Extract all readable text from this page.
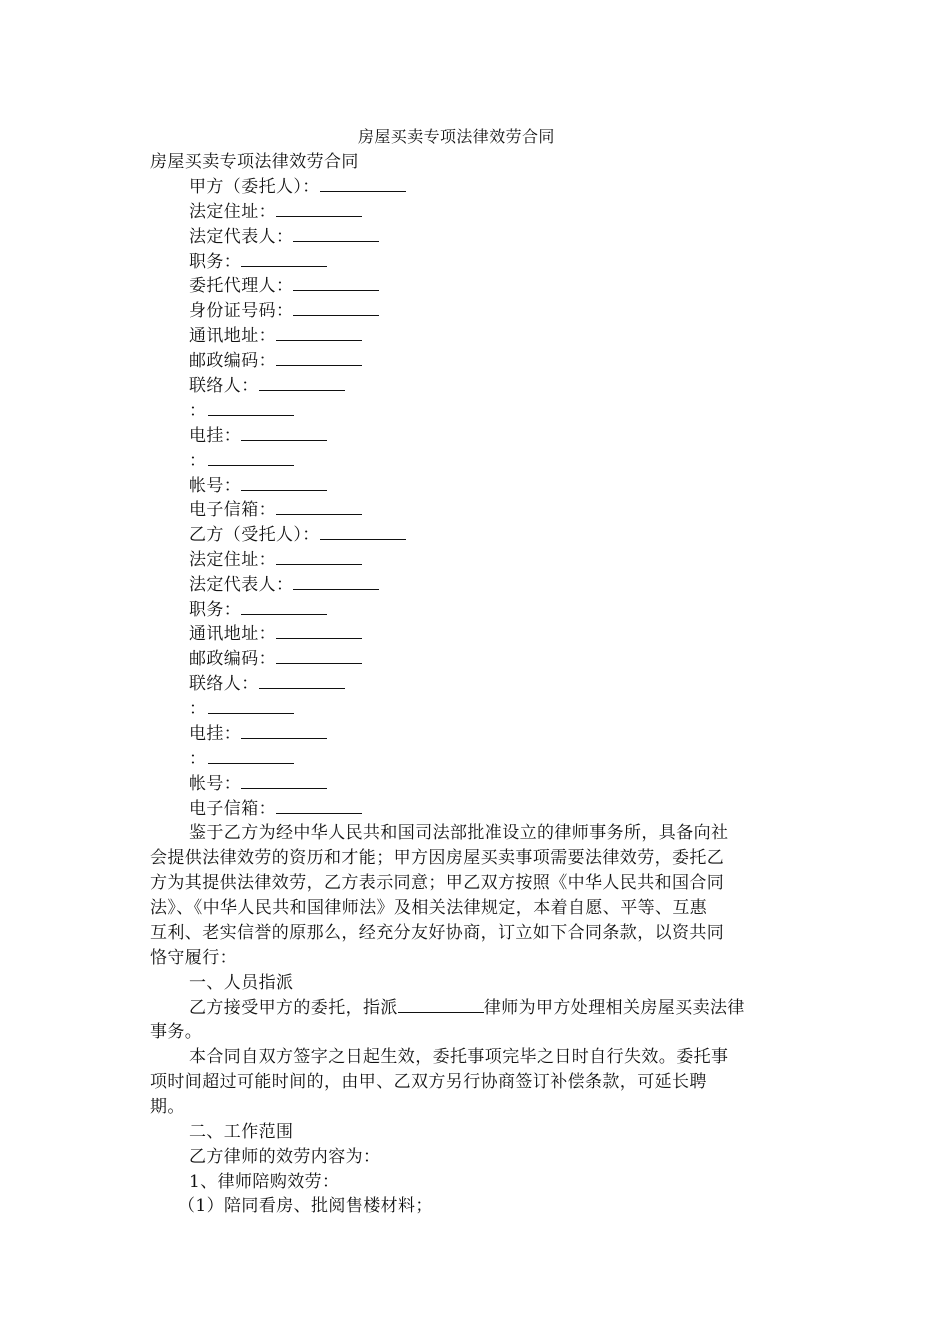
房屋买卖专项法律效劳合同
房屋买卖专项法律效劳合同
甲方（委托人）：
法定住址：
法定代表人：
职务：
委托代理人：
身份证号码：
通讯地址：
邮政编码：
联络人：
：
电挂：
：
帐号：
电子信箱：
乙方（受托人）：
法定住址：
法定代表人：
职务：
通讯地址：
邮政编码：
联络人：
：
电挂：
：
帐号：
电子信箱：
鉴于乙方为经中华人民共和国司法部批准设立的律师事务所，具备向社
会提供法律效劳的资历和才能；甲方因房屋买卖事项需要法律效劳，委托乙
方为其提供法律效劳，乙方表示同意；甲乙双方按照《中华人民共和国合同
法》、《中华人民共和国律师法》及相关法律规定，本着自愿、平等、互惠
互利、老实信誉的原那么，经充分友好协商，订立如下合同条款，以资共同
恪守履行：
一、人员指派
乙方接受甲方的委托，指派	律师为甲方处理相关房屋买卖法律
事务。
本合同自双方签字之日起生效，委托事项完毕之日时自行失效。委托事
项时间超过可能时间的，由甲、乙双方另行协商签订补偿条款，可延长聘
期。
二、工作范围
乙方律师的效劳内容为：
1、律师陪购效劳：
（1）陪同看房、批阅售楼材料；
